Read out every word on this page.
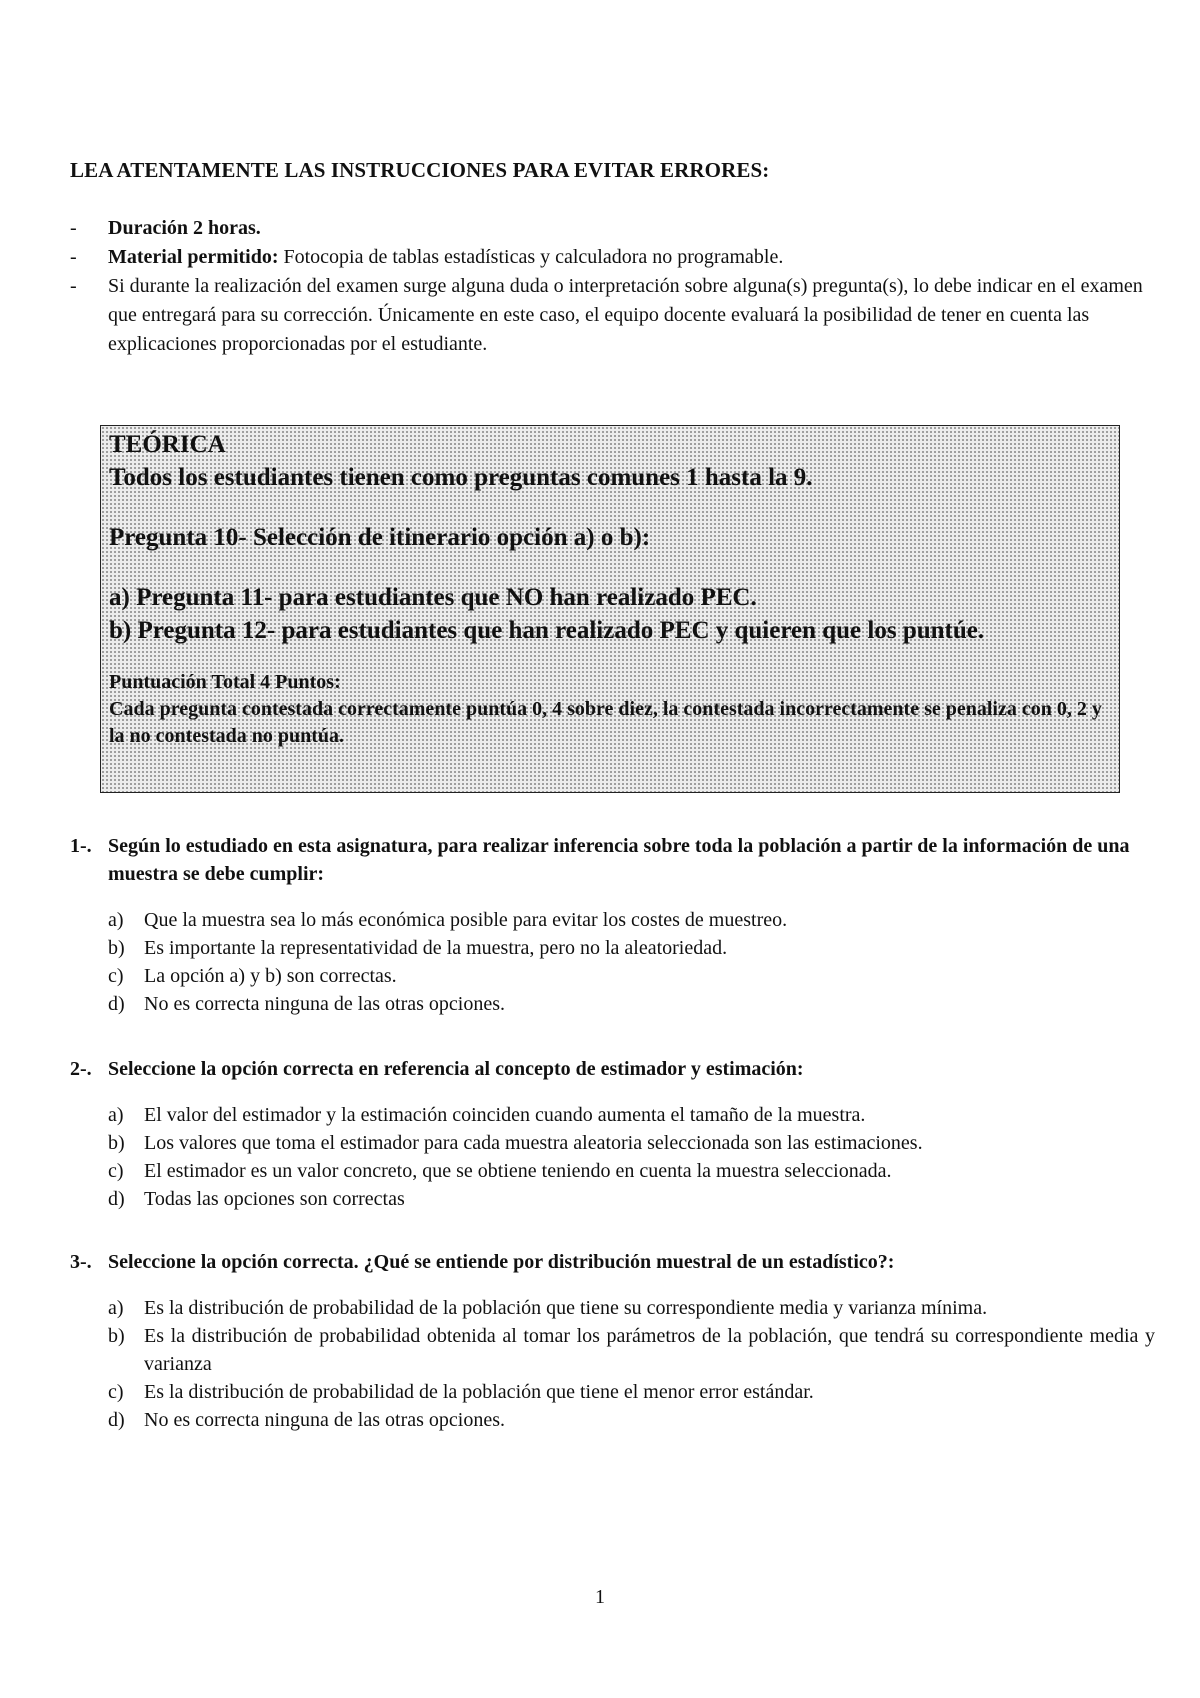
LEA ATENTAMENTE LAS INSTRUCCIONES PARA EVITAR ERRORES:

- Duración 2 horas.
- Material permitido: Fotocopia de tablas estadísticas y calculadora no programable.
- Si durante la realización del examen surge alguna duda o interpretación sobre alguna(s) pregunta(s), lo debe indicar en el examen que entregará para su corrección. Únicamente en este caso, el equipo docente evaluará la posibilidad de tener en cuenta las explicaciones proporcionadas por el estudiante.

TEÓRICA

Todos los estudiantes tienen como preguntas comunes 1 hasta la 9.

Pregunta 10- Selección de itinerario opción a) o b):

a) Pregunta 11- para estudiantes que NO han realizado PEC.

b) Pregunta 12- para estudiantes que han realizado PEC y quieren que los puntúe.

Puntuación Total 4 Puntos:

Cada pregunta contestada correctamente puntúa 0, 4 sobre diez, la contestada incorrectamente se penaliza con 0, 2 y la no contestada no puntúa.

1-. Según lo estudiado en esta asignatura, para realizar inferencia sobre toda la población a partir de la información de una muestra se debe cumplir:

a) Que la muestra sea lo más económica posible para evitar los costes de muestreo.
b) Es importante la representatividad de la muestra, pero no la aleatoriedad.
c) La opción a) y b) son correctas.
d) No es correcta ninguna de las otras opciones.

2-. Seleccione la opción correcta en referencia al concepto de estimador y estimación:

a) El valor del estimador y la estimación coinciden cuando aumenta el tamaño de la muestra.
b) Los valores que toma el estimador para cada muestra aleatoria seleccionada son las estimaciones.
c) El estimador es un valor concreto, que se obtiene teniendo en cuenta la muestra seleccionada.
d) Todas las opciones son correctas

3-. Seleccione la opción correcta. ¿Qué se entiende por distribución muestral de un estadístico?:

a) Es la distribución de probabilidad de la población que tiene su correspondiente media y varianza mínima.
b) Es la distribución de probabilidad obtenida al tomar los parámetros de la población, que tendrá su correspondiente media y varianza
c) Es la distribución de probabilidad de la población que tiene el menor error estándar.
d) No es correcta ninguna de las otras opciones.
1
